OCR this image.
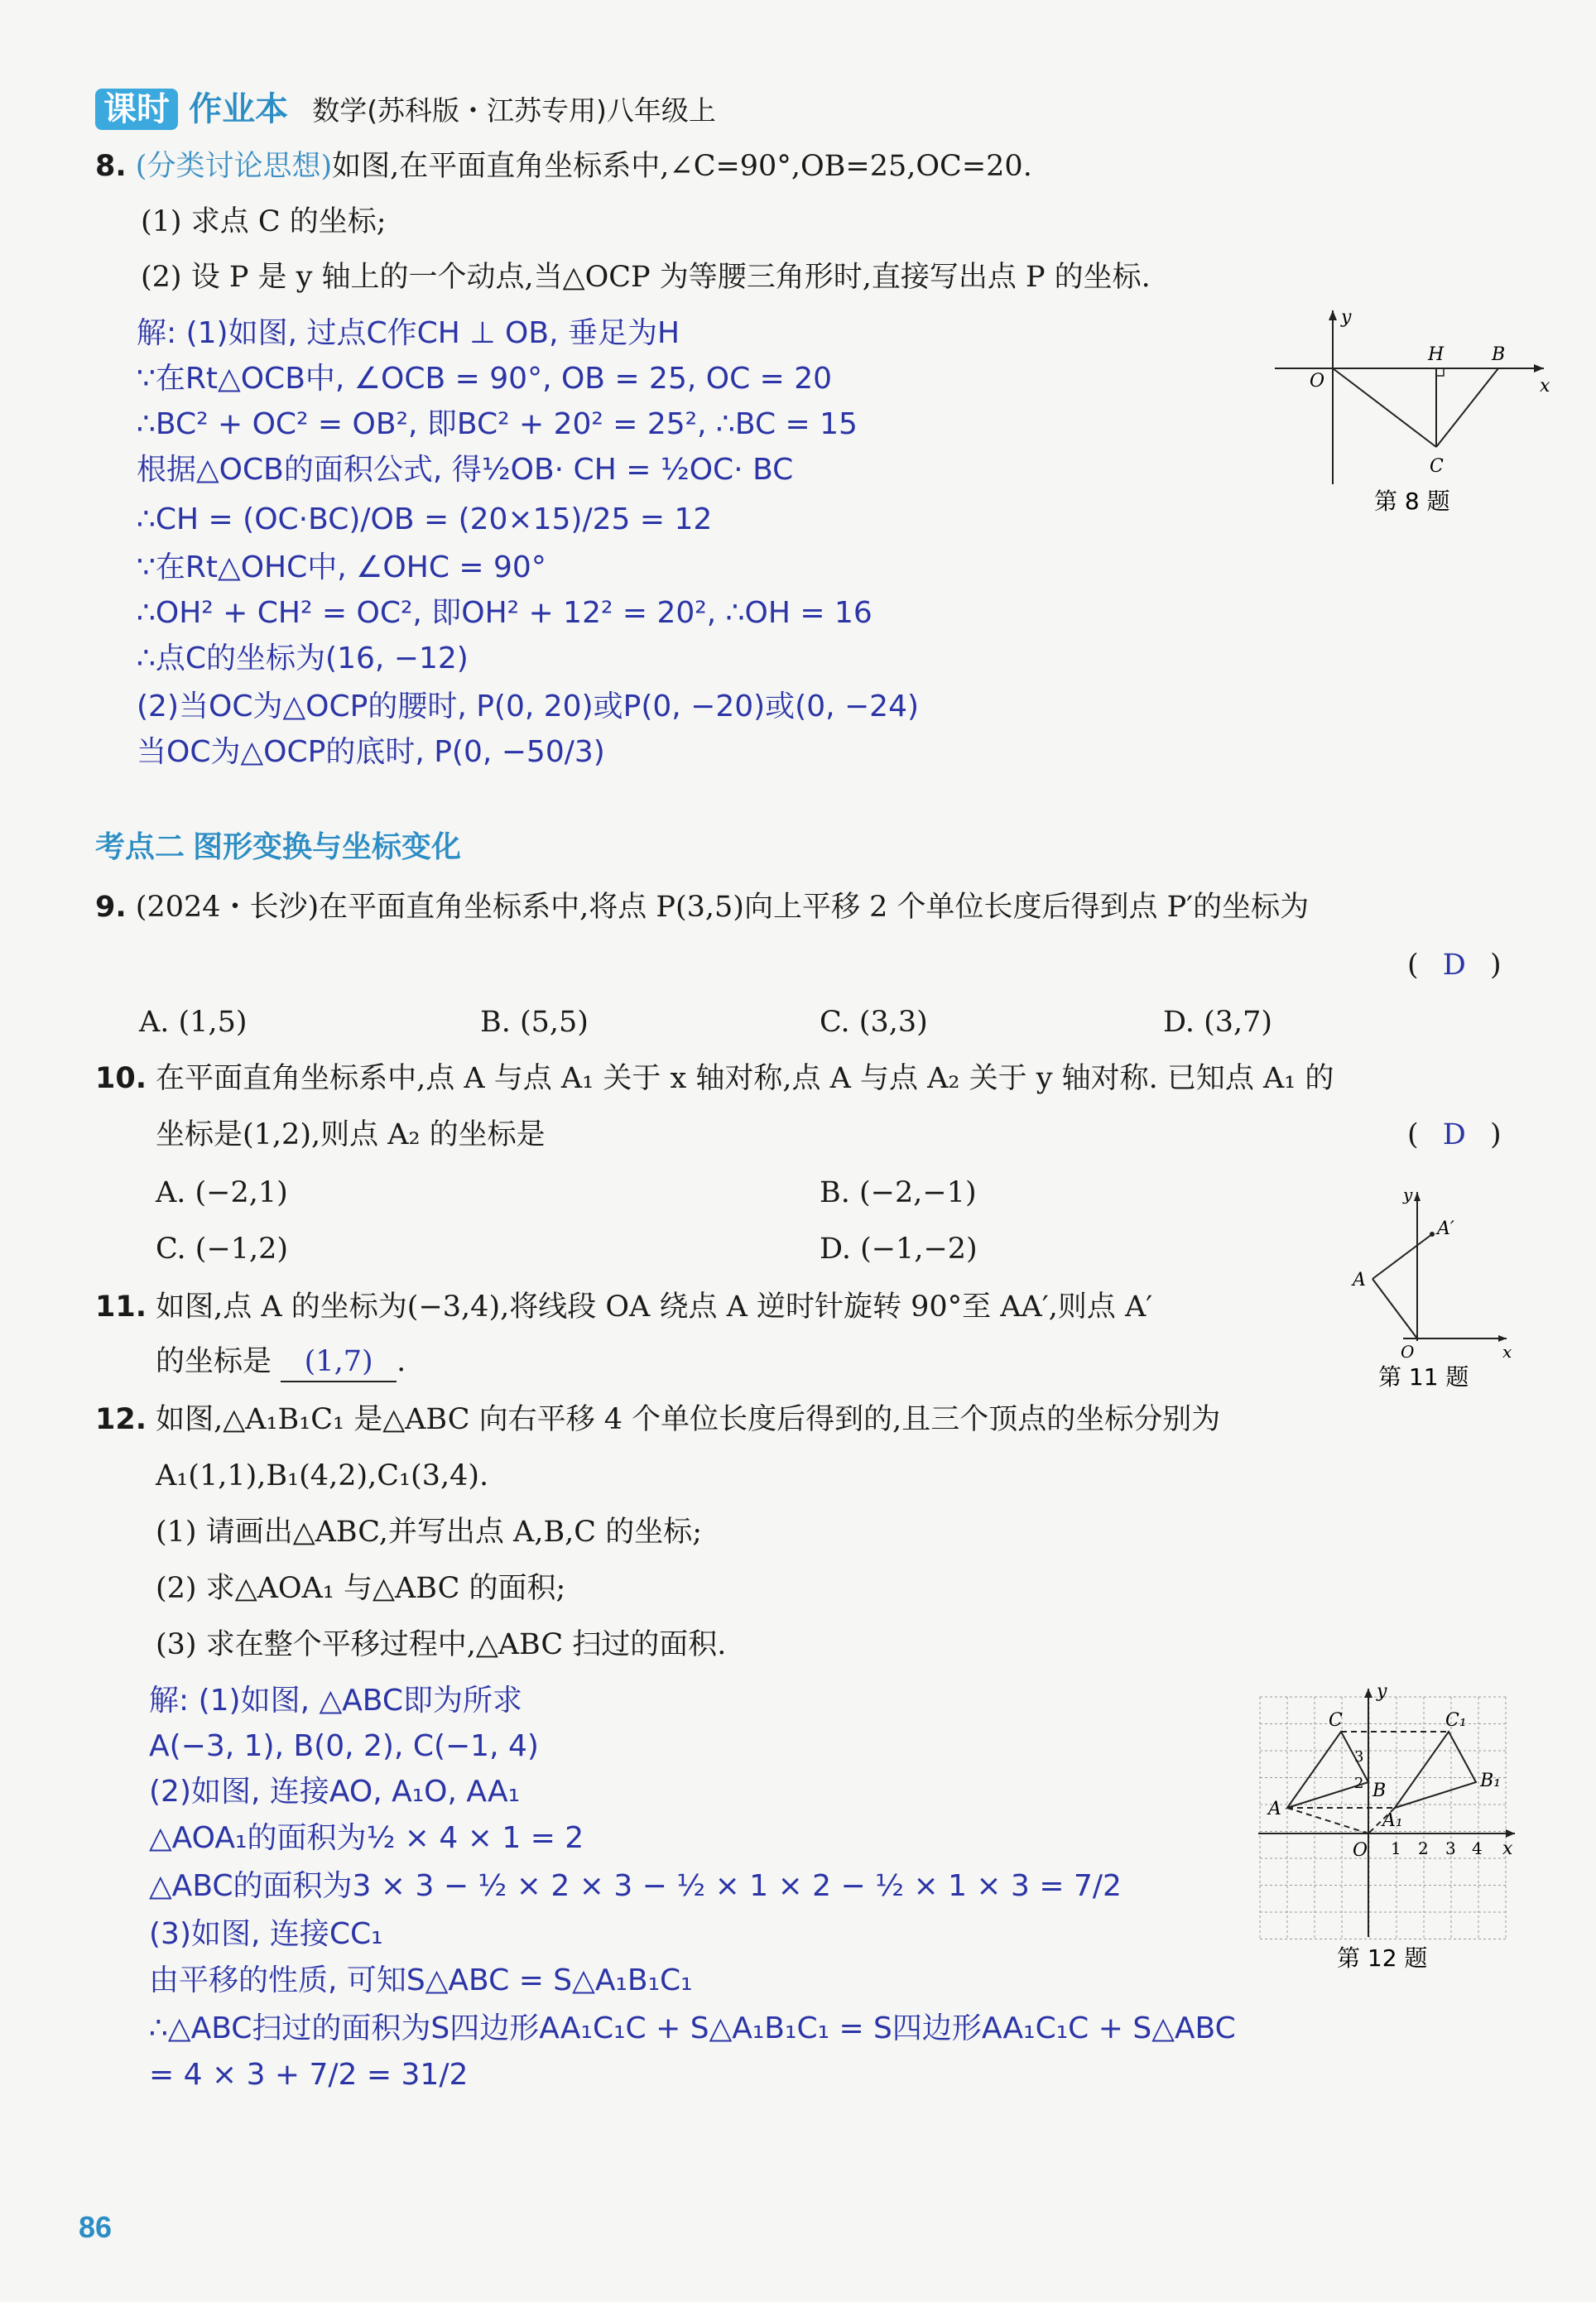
课时 作业本 数学(苏科版・江苏专用)八年级上
8. (分类讨论思想)如图,在平面直角坐标系中,∠C=90°,OB=25,OC=20.
(1) 求点 C 的坐标;
(2) 设 P 是 y 轴上的一个动点,当△OCP 为等腰三角形时,直接写出点 P 的坐标.
解: (1)如图, 过点C作CH ⊥ OB, 垂足为H
∵在Rt△OCB中, ∠OCB = 90°, OB = 25, OC = 20
∴BC² + OC² = OB², 即BC² + 20² = 25², ∴BC = 15
根据△OCB的面积公式, 得½OB· CH = ½OC· BC
∴CH = (OC·BC)/OB = (20×15)/25 = 12
∵在Rt△OHC中, ∠OHC = 90°
∴OH² + CH² = OC², 即OH² + 12² = 20², ∴OH = 16
∴点C的坐标为(16, −12)
(2)当OC为△OCP的腰时, P(0, 20)或P(0, −20)或(0, −24)
当OC为△OCP的底时, P(0, −50/3)
y
x
O
H	B
C
第 8 题
考点二 图形变换与坐标变化
9. (2024・长沙)在平面直角坐标系中,将点 P(3,5)向上平移 2 个单位长度后得到点 P′的坐标为
( D )
A. (1,5)	B. (5,5)	C. (3,3)	D. (3,7)
10. 在平面直角坐标系中,点 A 与点 A₁ 关于 x 轴对称,点 A 与点 A₂ 关于 y 轴对称. 已知点 A₁ 的
坐标是(1,2),则点 A₂ 的坐标是	( D )
A. (−2,1)	B. (−2,−1)
C. (−1,2)	D. (−1,−2)
11. 如图,点 A 的坐标为(−3,4),将线段 OA 绕点 A 逆时针旋转 90°至 AA′,则点 A′
的坐标是 (1,7) .
y
x
O
A
A′
第 11 题
12. 如图,△A₁B₁C₁ 是△ABC 向右平移 4 个单位长度后得到的,且三个顶点的坐标分别为
A₁(1,1),B₁(4,2),C₁(3,4).
(1) 请画出△ABC,并写出点 A,B,C 的坐标;
(2) 求△AOA₁ 与△ABC 的面积;
(3) 求在整个平移过程中,△ABC 扫过的面积.
解: (1)如图, △ABC即为所求
A(−3, 1), B(0, 2), C(−1, 4)
(2)如图, 连接AO, A₁O, AA₁
△AOA₁的面积为½ × 4 × 1 = 2
△ABC的面积为3 × 3 − ½ × 2 × 3 − ½ × 1 × 2 − ½ × 1 × 3 = 7/2
(3)如图, 连接CC₁
由平移的性质, 可知S△ABC = S△A₁B₁C₁
∴△ABC扫过的面积为S四边形AA₁C₁C + S△A₁B₁C₁ = S四边形AA₁C₁C + S△ABC
= 4 × 3 + 7/2 = 31/2
y
x
O
A
B
C
A₁
B₁
C₁
1 2 3 4
2
3
第 12 题
86
